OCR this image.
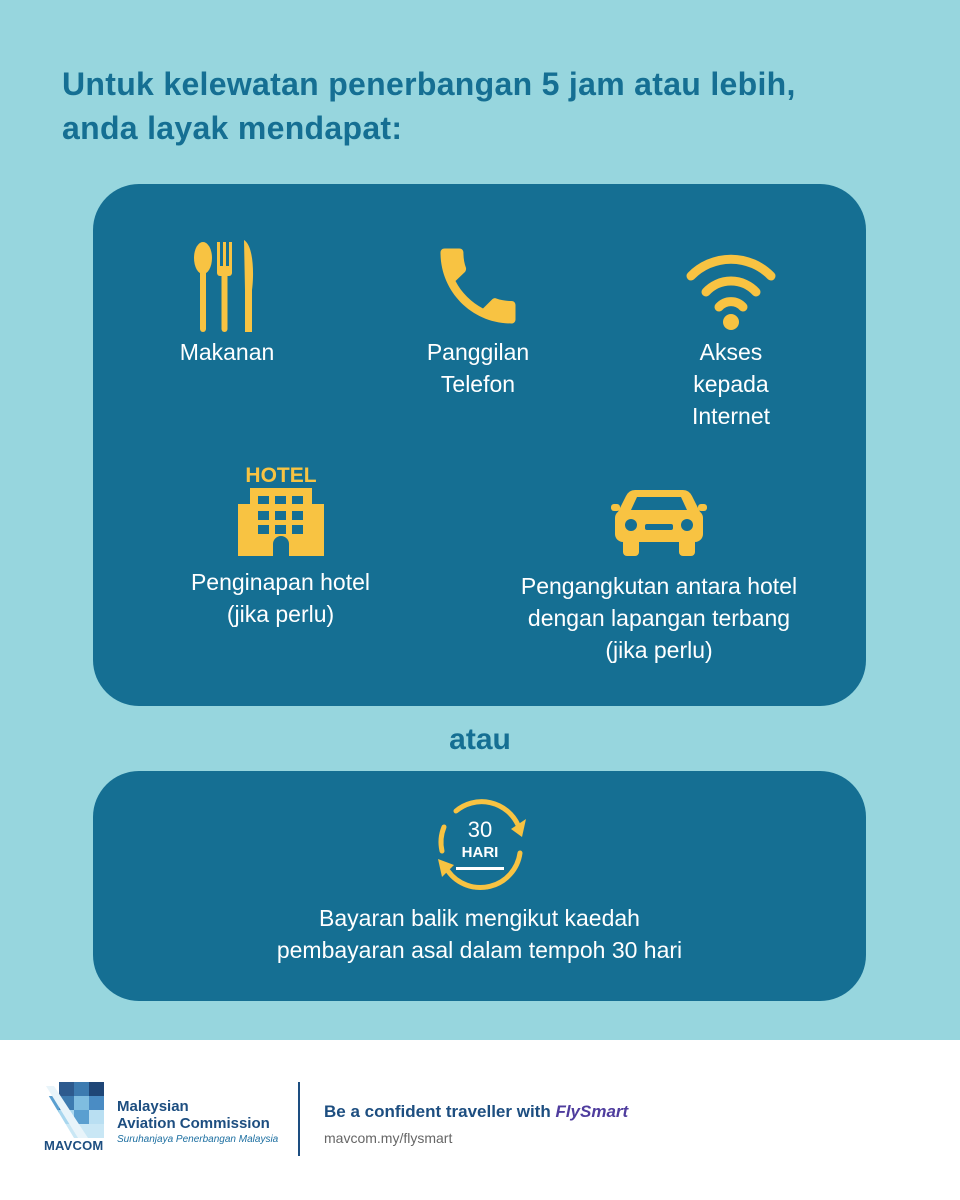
Untuk kelewatan penerbangan 5 jam atau lebih,
anda layak mendapat:
Makanan	Panggilan
Telefon
Akses
kepada
Internet
HOTEL
Penginapan hotel
(jika perlu)
Pengangkutan antara hotel
dengan lapangan terbang
(jika perlu)
atau
30
HARI
Bayaran balik mengikut kaedah
pembayaran asal dalam tempoh 30 hari
MAVCOM
Malaysian
Aviation Commission
Suruhanjaya Penerbangan Malaysia
Be a confident traveller with FlySmart
mavcom.my/flysmart
